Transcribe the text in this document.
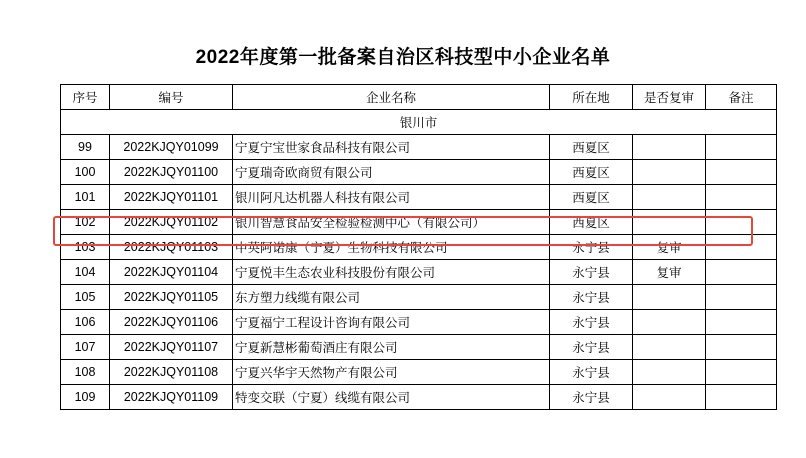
2022年度第一批备案自治区科技型中小企业名单
序号	编号	企业名称	所在地	是否复审	备注
银川市					
99	2022KJQY01099	宁夏宁宝世家食品科技有限公司	西夏区		
100	2022KJQY01100	宁夏瑞奇欧商贸有限公司	西夏区		
101	2022KJQY01101	银川阿凡达机器人科技有限公司	西夏区		
102	2022KJQY01102	银川智慧食品安全检验检测中心（有限公司）	西夏区		
103	2022KJQY01103	中英阿诺康（宁夏）生物科技有限公司	永宁县	复审	
104	2022KJQY01104	宁夏悦丰生态农业科技股份有限公司	永宁县	复审	
105	2022KJQY01105	东方塑力线缆有限公司	永宁县		
106	2022KJQY01106	宁夏福宁工程设计咨询有限公司	永宁县		
107	2022KJQY01107	宁夏新慧彬葡萄酒庄有限公司	永宁县		
108	2022KJQY01108	宁夏兴华宇天然物产有限公司	永宁县		
109	2022KJQY01109	特变交联（宁夏）线缆有限公司	永宁县		
